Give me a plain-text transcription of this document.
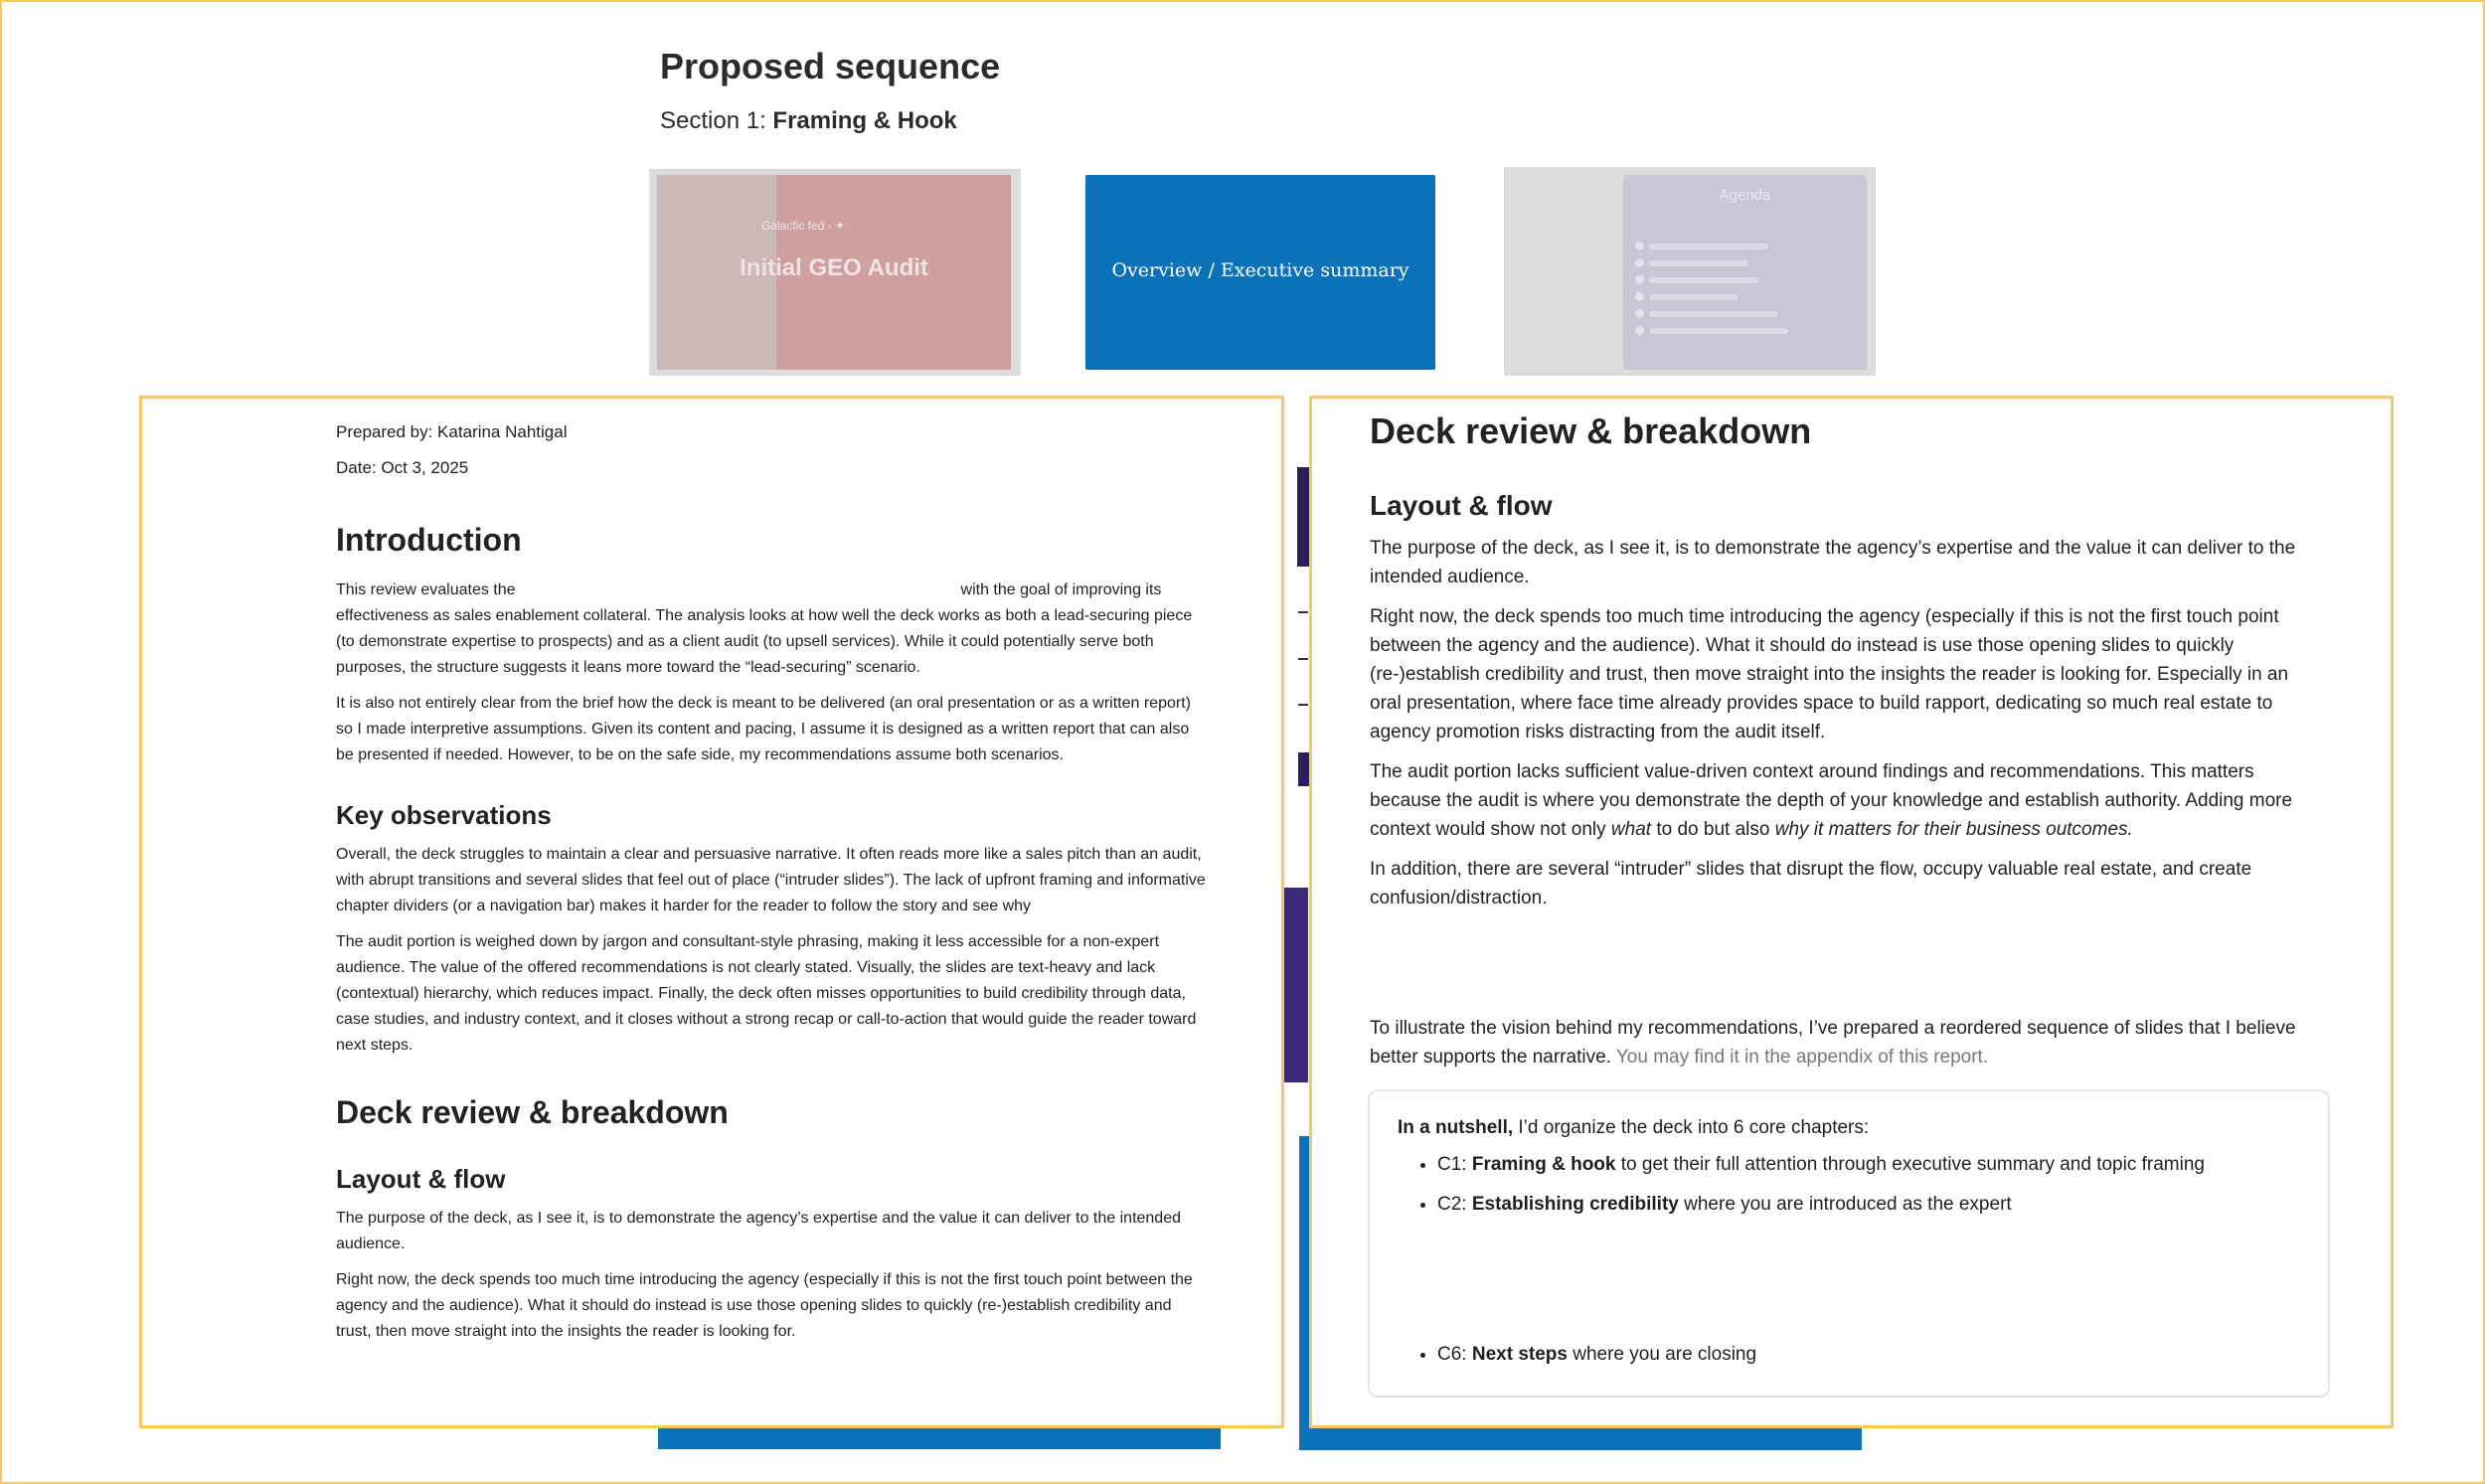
Proposed sequence
Section 1: Framing & Hook
Galactic fed · ✦
Initial GEO Audit	Overview / Executive summary
Agenda
Prepared by: Katarina Nahtigal
Date: Oct 3, 2025
Introduction

This review evaluates the	with the goal of improving its effectiveness as sales enablement collateral. The analysis looks at how well the deck works as both a lead-securing piece (to demonstrate expertise to prospects) and as a client audit (to upsell services). While it could potentially serve both purposes, the structure suggests it leans more toward the “lead-securing” scenario.

It is also not entirely clear from the brief how the deck is meant to be delivered (an oral presentation or as a written report) so I made interpretive assumptions. Given its content and pacing, I assume it is designed as a written report that can also be presented if needed. However, to be on the safe side, my recommendations assume both scenarios.

Key observations

Overall, the deck struggles to maintain a clear and persuasive narrative. It often reads more like a sales pitch than an audit, with abrupt transitions and several slides that feel out of place (“intruder slides”). The lack of upfront framing and informative chapter dividers (or a navigation bar) makes it harder for the reader to follow the story and see why

The audit portion is weighed down by jargon and consultant-style phrasing, making it less accessible for a non-expert audience. The value of the offered recommendations is not clearly stated. Visually, the slides are text-heavy and lack (contextual) hierarchy, which reduces impact. Finally, the deck often misses opportunities to build credibility through data, case studies, and industry context, and it closes without a strong recap or call-to-action that would guide the reader toward next steps.

Deck review & breakdown
Layout & flow

The purpose of the deck, as I see it, is to demonstrate the agency’s expertise and the value it can deliver to the intended audience.

Right now, the deck spends too much time introducing the agency (especially if this is not the first touch point between the agency and the audience). What it should do instead is use those opening slides to quickly (re-)establish credibility and trust, then move straight into the insights the reader is looking for.

Deck review & breakdown
Layout & flow

The purpose of the deck, as I see it, is to demonstrate the agency’s expertise and the value it can deliver to the intended audience.

Right now, the deck spends too much time introducing the agency (especially if this is not the first touch point between the agency and the audience). What it should do instead is use those opening slides to quickly (re-)establish credibility and trust, then move straight into the insights the reader is looking for. Especially in an oral presentation, where face time already provides space to build rapport, dedicating so much real estate to agency promotion risks distracting from the audit itself.

The audit portion lacks sufficient value-driven context around findings and recommendations. This matters because the audit is where you demonstrate the depth of your knowledge and establish authority. Adding more context would show not only what to do but also why it matters for their business outcomes.

In addition, there are several “intruder” slides that disrupt the flow, occupy valuable real estate, and create confusion/distraction.

To illustrate the vision behind my recommendations, I’ve prepared a reordered sequence of slides that I believe better supports the narrative. You may find it in the appendix of this report.

In a nutshell, I’d organize the deck into 6 core chapters:
• C1: Framing & hook to get their full attention through executive summary and topic framing
• C2: Establishing credibility where you are introduced as the expert
• C6: Next steps where you are closing
